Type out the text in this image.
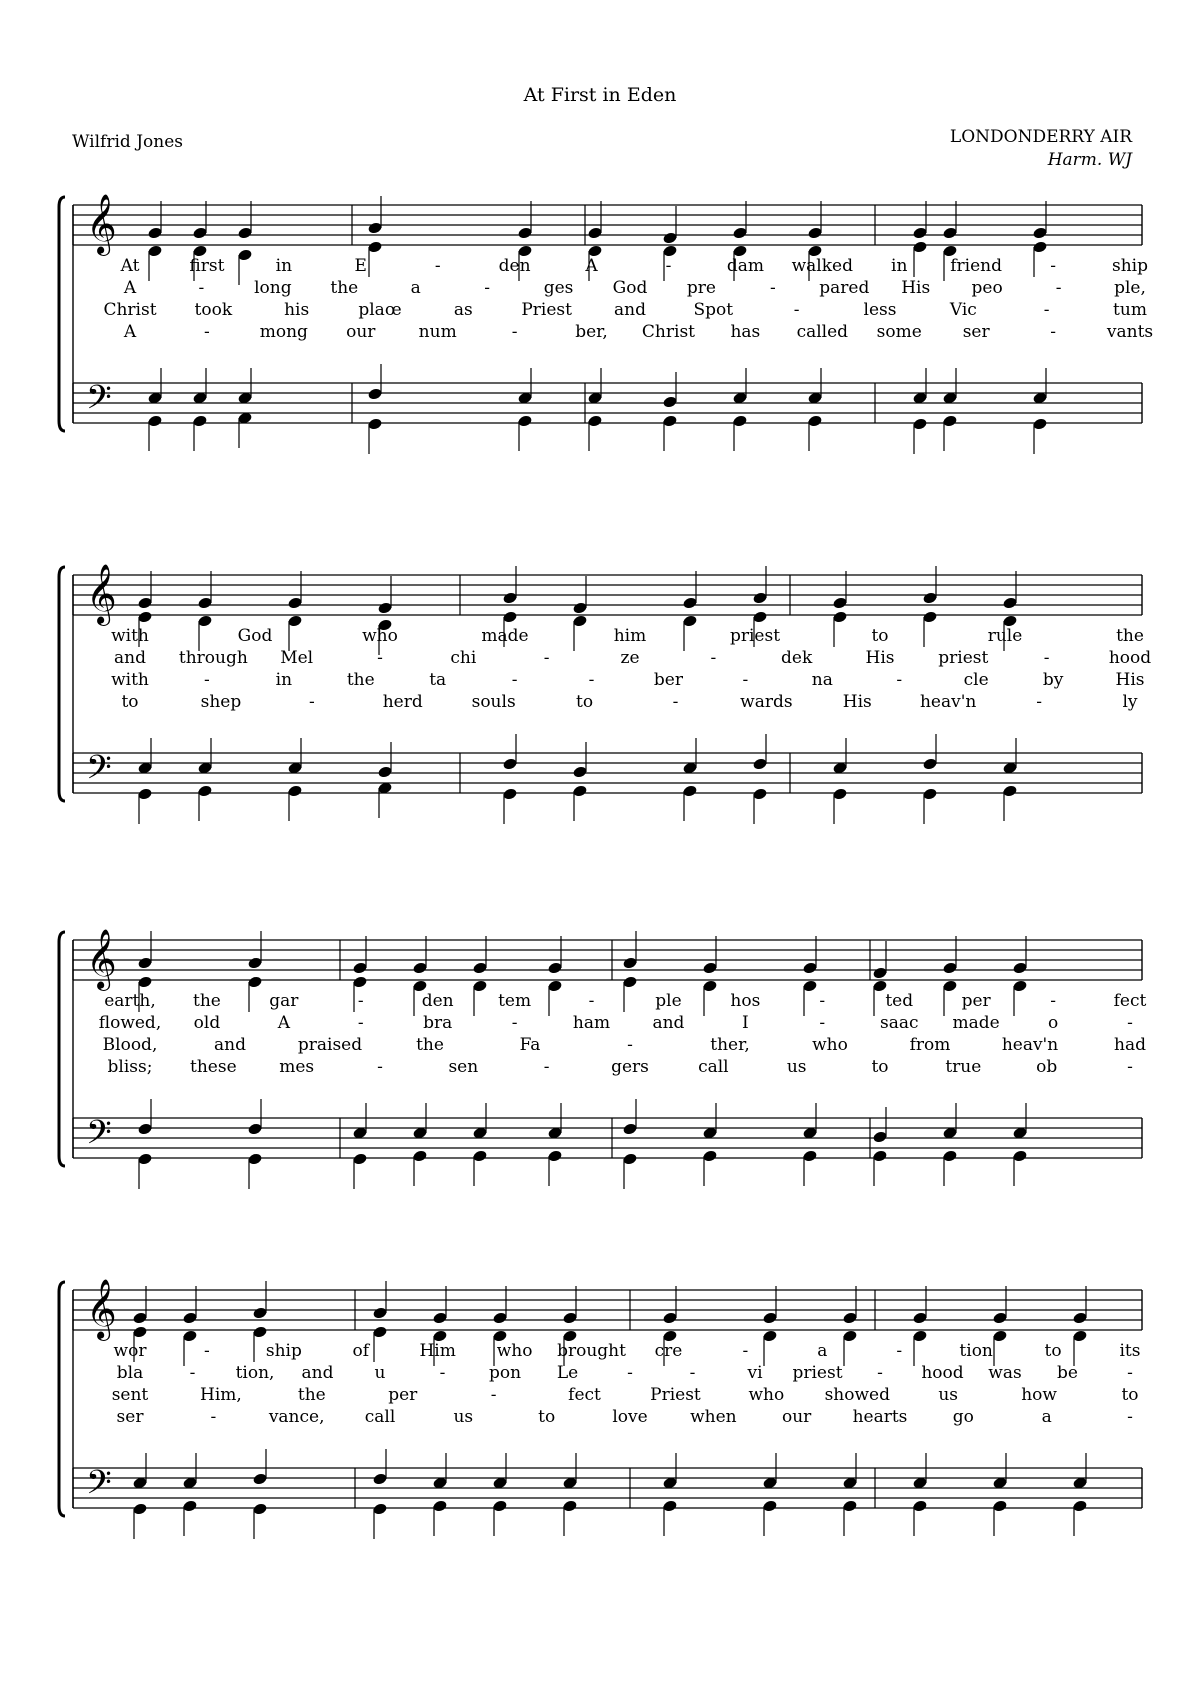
At First in Eden
Wilfrid Jones	LONDONDERRY AIR
Harm. WJ
𝄞
𝄢
At	first	in	E	-	den	A	-	dam walked in	friend	-	ship
A	-	long the	a	-	ges God pre	-	pared His peo	-	ple,
Christ took	his	plaœ	as	Priest and	Spot	-	less	Vic	-	tum
A	-	mong our	num	-	ber, Christ has called some ser	-	vants
𝄞
𝄢
with	God	who	made	him	priest	to	rule	the
and through Mel	-	chi	-	ze	-	dek	His	priest	-	hood
with	-	in	the	ta	-	-	ber	-	na	-	cle	by	His
to	shep	-	herd	souls	to	-	wards	His	heav'n	-	ly
𝄞
𝄢
earth, the	gar	-	den	tem	-	ple	hos	-	ted	per	-	fect
flowed, old	A	-	bra	-	ham and	I	-	saac made	o	-
Blood,	and	praised	the	Fa	-	ther,	who	from	heav'n	had
bliss; these	mes	-	sen	-	gers	call	us	to	true	ob	-
𝄞
𝄢
wor	-	ship	of	Him who brought cre	-	a	-	tion	to	its
bla	- tion, and u	-	pon Le	-	-	vi priest - hood was be	-
sent	Him,	the	per	-	fect	Priest	who showed	us	how	to
ser	-	vance, call	us	to	love when	our hearts	go	a	-
